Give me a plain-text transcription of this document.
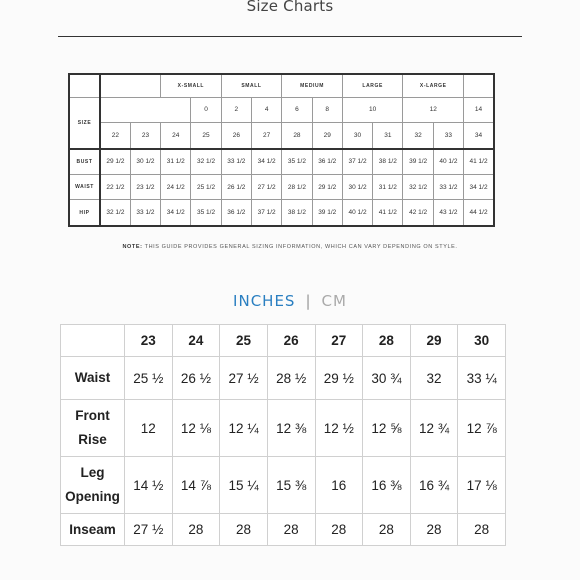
Size Charts
			X-SMALL		SMALL		MEDIUM		LARGE		X-LARGE		
SIZE				0	2	4	6	8	10		12		14
	22	23	24	25	26	27	28	29	30	31	32	33	34
BUST	29 1/2	30 1/2	31 1/2	32 1/2	33 1/2	34 1/2	35 1/2	36 1/2	37 1/2	38 1/2	39 1/2	40 1/2	41 1/2
WAIST	22 1/2	23 1/2	24 1/2	25 1/2	26 1/2	27 1/2	28 1/2	29 1/2	30 1/2	31 1/2	32 1/2	33 1/2	34 1/2
HIP	32 1/2	33 1/2	34 1/2	35 1/2	36 1/2	37 1/2	38 1/2	39 1/2	40 1/2	41 1/2	42 1/2	43 1/2	44 1/2
NOTE: THIS GUIDE PROVIDES GENERAL SIZING INFORMATION, WHICH CAN VARY DEPENDING ON STYLE.
INCHES | CM
	23	24	25	26	27	28	29	30
Waist	25 ½	26 ½	27 ½	28 ½	29 ½	30 ¾	32	33 ¼
Front
Rise	12	12 ⅛	12 ¼	12 ⅜	12 ½	12 ⅝	12 ¾	12 ⅞
Leg
Opening	14 ½	14 ⅞	15 ¼	15 ⅜	16	16 ⅜	16 ¾	17 ⅛
Inseam	27 ½	28	28	28	28	28	28	28
